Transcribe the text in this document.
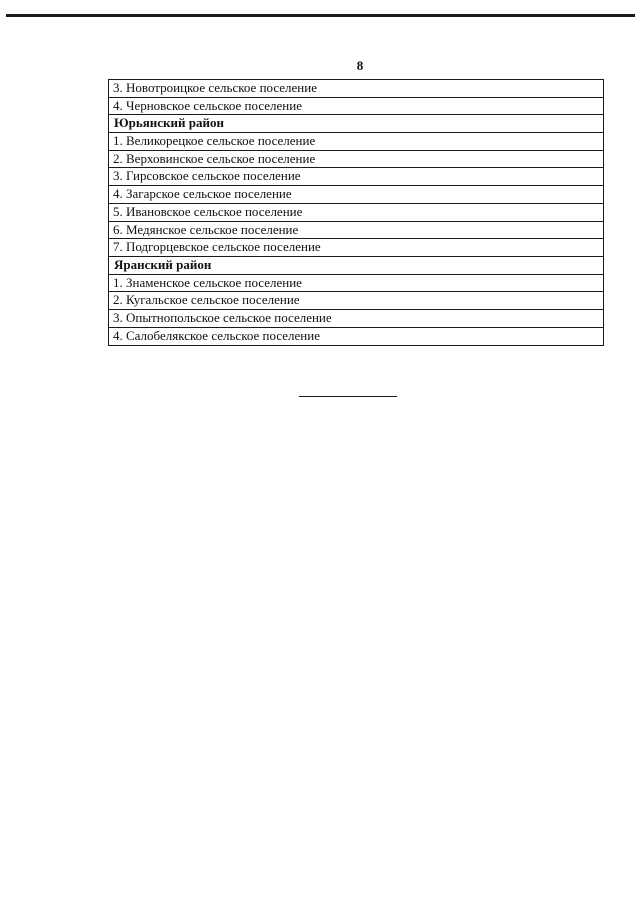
8
3. Новотроицкое сельское поселение
4. Черновское сельское поселение
Юрьянский район
1. Великорецкое сельское поселение
2. Верховинское сельское поселение
3. Гирсовское сельское поселение
4. Загарское сельское поселение
5. Ивановское сельское поселение
6. Медянское сельское поселение
7. Подгорцевское сельское поселение
Яранский район
1. Знаменское сельское поселение
2. Кугальское сельское поселение
3. Опытнопольское сельское поселение
4. Салобелякское сельское поселение
